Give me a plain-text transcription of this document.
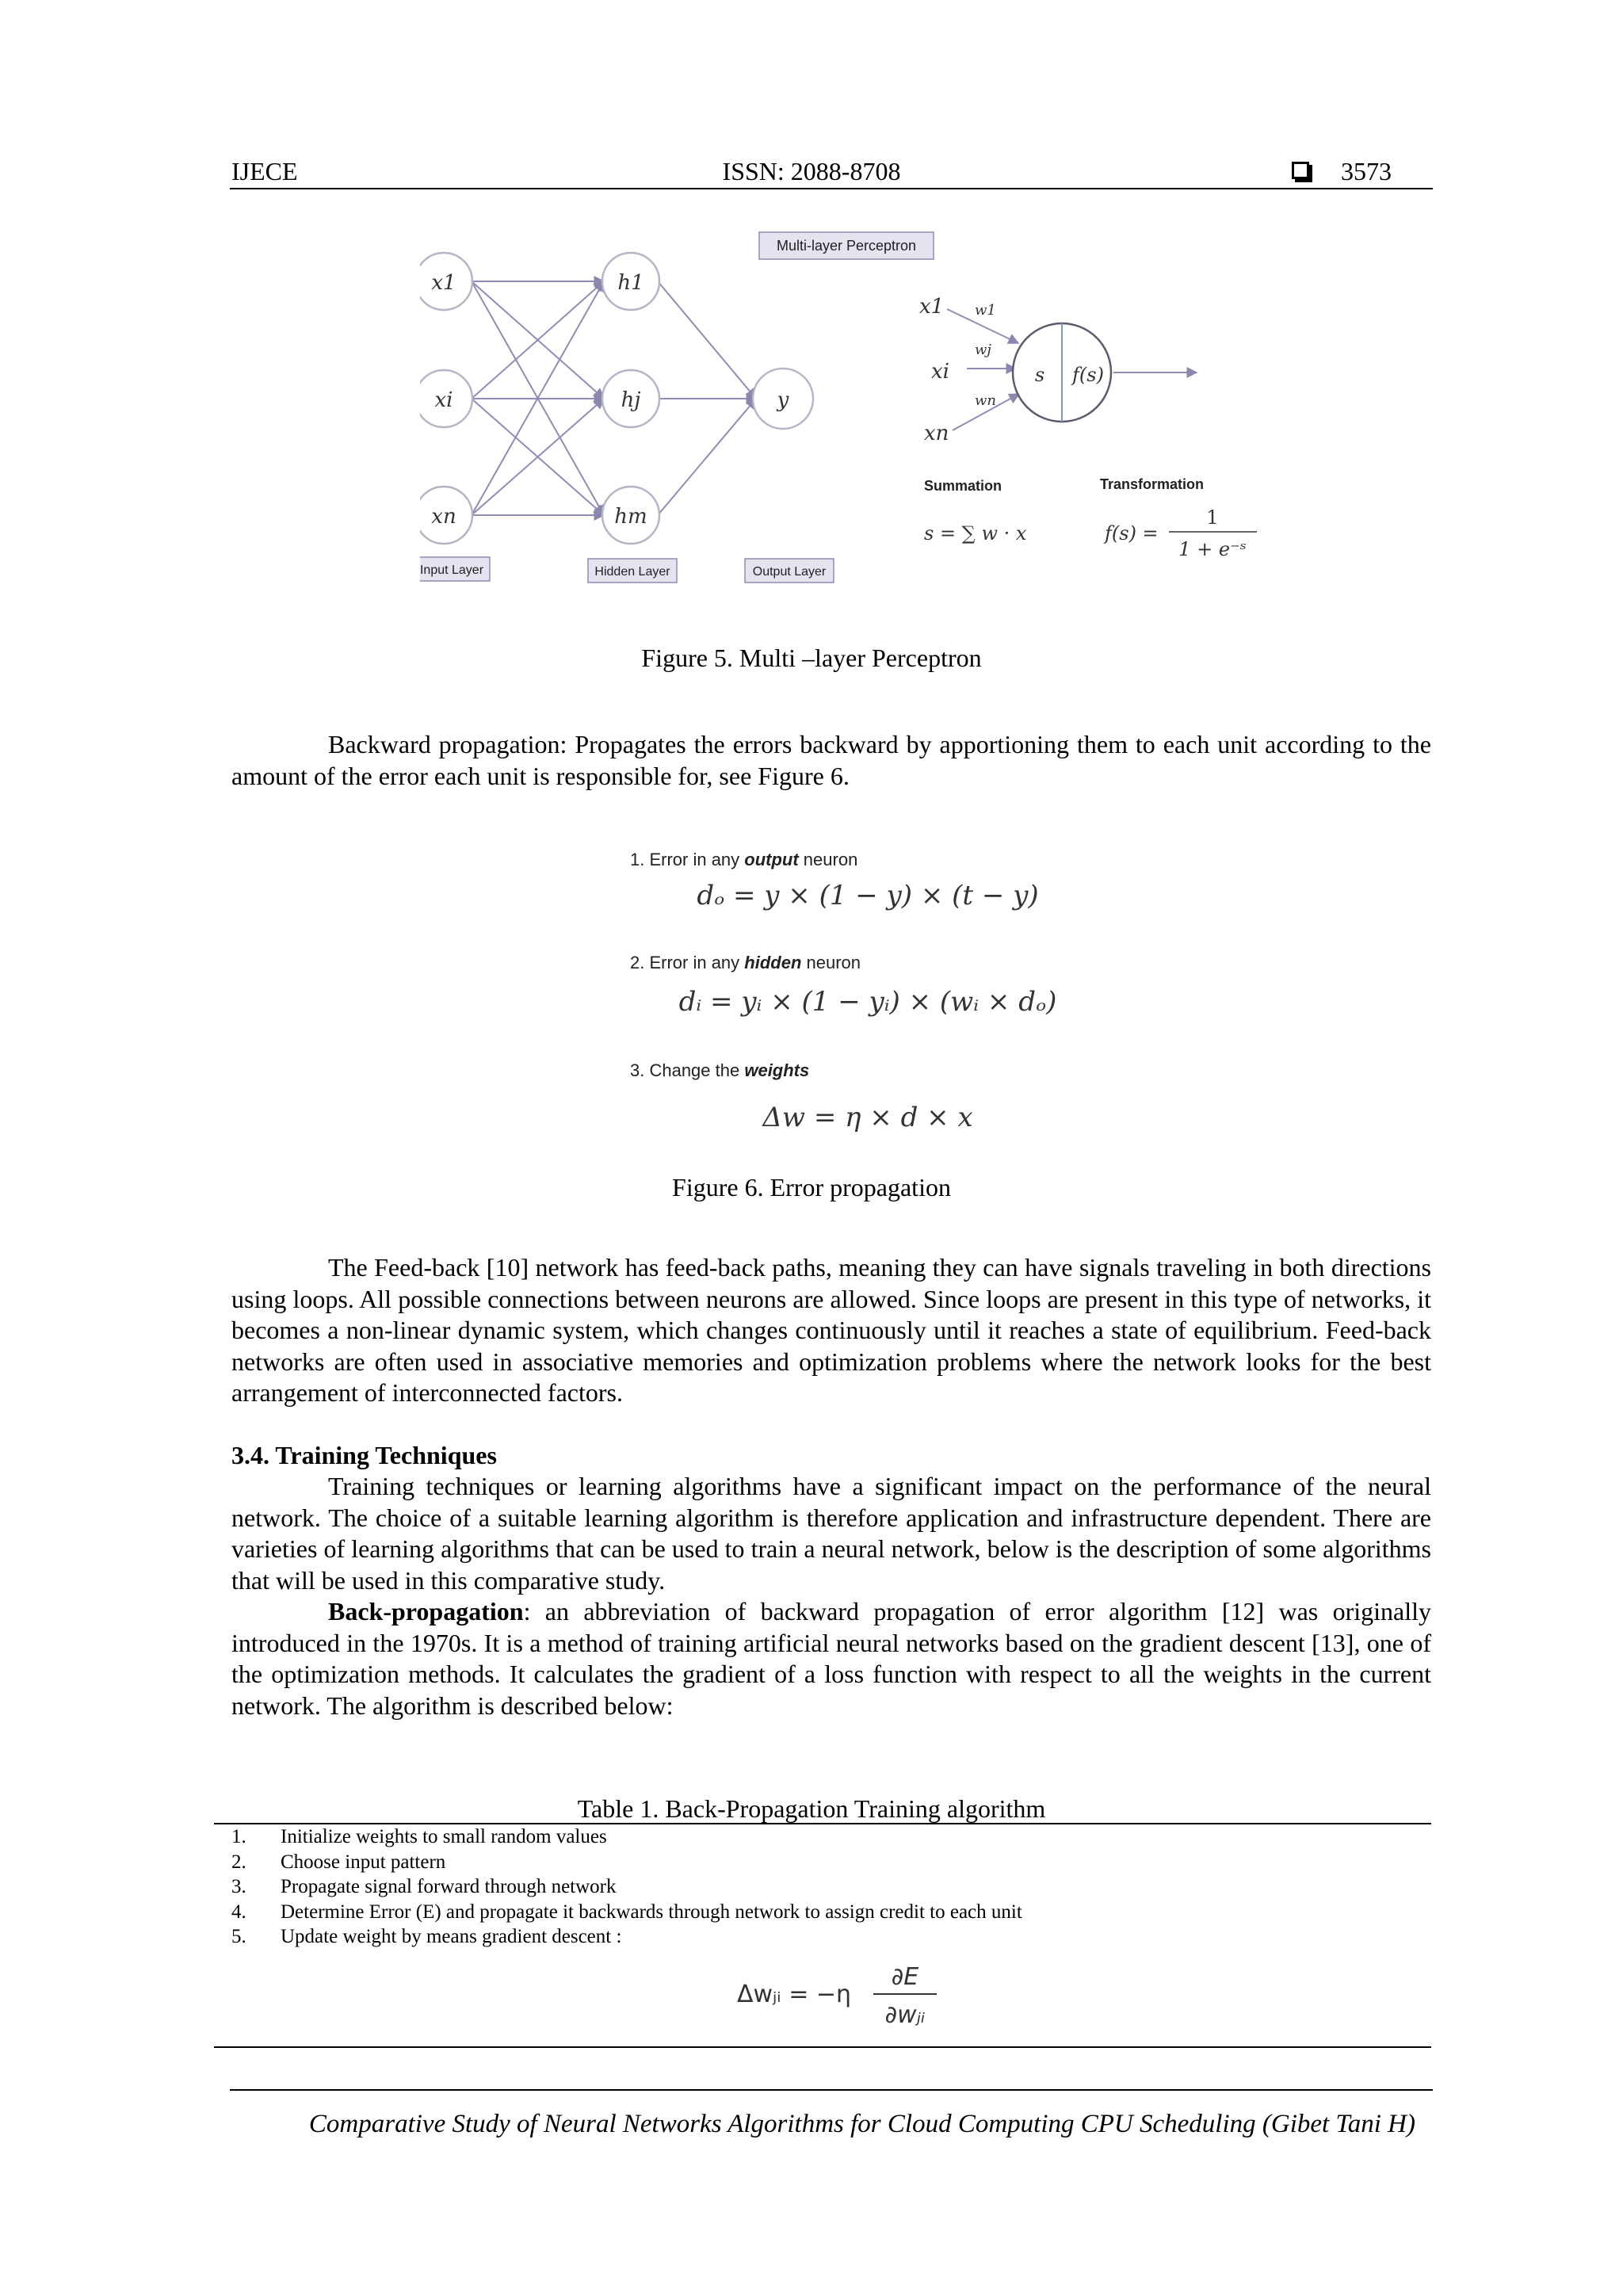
IJECE	ISSN: 2088-8708	3573
x1
xi
xn
h1
hj
hm
y
Input Layer	Hidden Layer	Output Layer
Multi-layer Perceptron
s f(s)
x1
xi
xn
w1
wj
wn
Summation	Transformation
s = ∑ w · x	f(s) =
1
1 + e⁻ˢ
Figure 5. Multi –layer Perceptron

Backward propagation: Propagates the errors backward by apportioning them to each unit according to the amount of the error each unit is responsible for, see Figure 6.

1. Error in any output neuron
dₒ = y × (1 − y) × (t − y)
2. Error in any hidden neuron
dᵢ = yᵢ × (1 − yᵢ) × (wᵢ × dₒ)
3. Change the weights
Δw = η × d × x
Figure 6. Error propagation

The Feed-back [10] network has feed-back paths, meaning they can have signals traveling in both directions using loops. All possible connections between neurons are allowed. Since loops are present in this type of networks, it becomes a non-linear dynamic system, which changes continuously until it reaches a state of equilibrium. Feed-back networks are often used in associative memories and optimization problems where the network looks for the best arrangement of interconnected factors.

3.4. Training Techniques

Training techniques or learning algorithms have a significant impact on the performance of the neural network. The choice of a suitable learning algorithm is therefore application and infrastructure dependent. There are varieties of learning algorithms that can be used to train a neural network, below is the description of some algorithms that will be used in this comparative study.

Back-propagation: an abbreviation of backward propagation of error algorithm [12] was originally introduced in the 1970s. It is a method of training artificial neural networks based on the gradient descent [13], one of the optimization methods. It calculates the gradient of a loss function with respect to all the weights in the current network. The algorithm is described below:

Table 1. Back-Propagation Training algorithm
1.	Initialize weights to small random values
2.	Choose input pattern
3.	Propagate signal forward through network
4.	Determine Error (E) and propagate it backwards through network to assign credit to each unit
5.	Update weight by means gradient descent :
Δwⱼᵢ = −η
∂E
∂wⱼᵢ
Comparative Study of Neural Networks Algorithms for Cloud Computing CPU Scheduling (Gibet Tani H)
